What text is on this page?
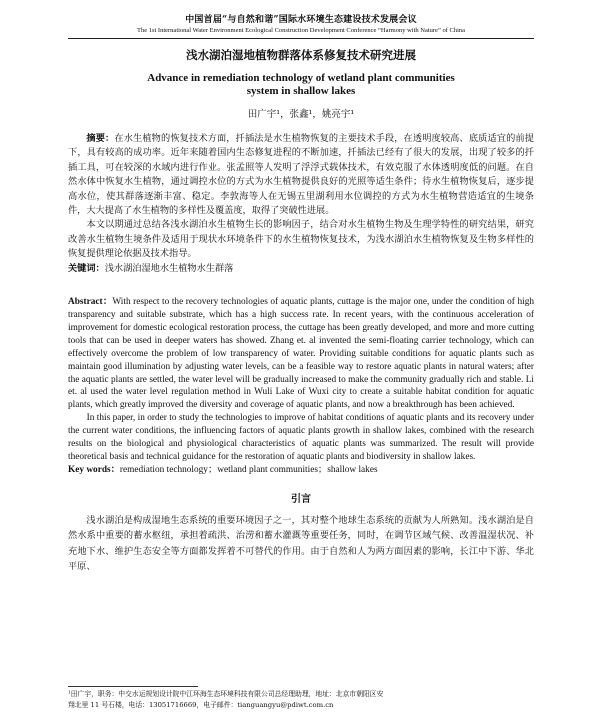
中国首届“与自然和谐”国际水环境生态建设技术发展会议
The 1st International Water Environment Ecological Construction Development Conference “Harmony with Nature” of China
浅水湖泊湿地植物群落体系修复技术研究进展
Advance in remediation technology of wetland plant communities
system in shallow lakes
田广宇¹，张鑫¹，姚亮宇¹

摘要：在水生植物的恢复技术方面，扦插法是水生植物恢复的主要技术手段，在透明度较高、底质适宜的前提下，具有较高的成功率。近年来随着国内生态修复进程的不断加速，扦插法已经有了很大的发展，出现了较多的扦插工具，可在较深的水域内进行作业。张孟照等人发明了浮浮式载体技术，有效克服了水体透明度低的问题。在自然水体中恢复水生植物，通过调控水位的方式为水生植物提供良好的光照等适生条件；待水生植物恢复后，逐步提高水位，使其群落逐渐丰富、稳定。李敦海等人在无锡五里湖利用水位调控的方式为水生植物营造适宜的生境条件，大大提高了水生植物的多样性及覆盖度，取得了突破性进展。

本文以期通过总结各浅水湖泊水生植物生长的影响因子，结合对水生植物生物及生理学特性的研究结果，研究改善水生植物生境条件及适用于现状水环境条件下的水生植物恢复技术，为浅水湖泊水生植物恢复及生物多样性的恢复提供理论依据及技术指导。

关键词：浅水湖泊湿地水生植物水生群落

Abstract：With respect to the recovery technologies of aquatic plants, cuttage is the major one, under the condition of high transparency and suitable substrate, which has a high success rate. In recent years, with the continuous acceleration of improvement for domestic ecological restoration process, the cuttage has been greatly developed, and more and more cutting tools that can be used in deeper waters has showed. Zhang et. al invented the semi-floating carrier technology, which can effectively overcome the problem of low transparency of water. Providing suitable conditions for aquatic plants such as maintain good illumination by adjusting water levels, can be a feasible way to restore aquatic plants in natural waters; after the aquatic plants are settled, the water level will be gradually increased to make the community gradually rich and stable. Li et. al used the water level regulation method in Wuli Lake of Wuxi city to create a suitable habitat condition for aquatic plants, which greatly improved the diversity and coverage of aquatic plants, and now a breakthrough has been achieved.

In this paper, in order to study the technologies to improve of habitat conditions of aquatic plants and its recovery under the current water conditions, the influencing factors of aquatic plants growth in shallow lakes, combined with the research results on the biological and physiological characteristics of aquatic plants was summarized. The result will provide theoretical basis and technical guidance for the restoration of aquatic plants and biodiversity in shallow lakes.

Key words：remediation technology；wetland plant communities；shallow lakes

引言

浅水湖泊是构成湿地生态系统的重要环境因子之一，其对整个地球生态系统的贡献为人所熟知。浅水湖泊是自然水系中重要的蓄水枢纽，承担着疏洪、治涝和蓄水灌溉等重要任务，同时，在调节区域气候、改善温湿状况、补充地下水、维护生态安全等方面都发挥着不可替代的作用。由于自然和人为两方面因素的影响，长江中下游、华北平原、

¹田广宇，职务：中交水运规划设计院中江环海生态环境科技有限公司总经理助理，地址：北京市朝阳区安
翔北里 11 号石楼，电话：13051716669，电子邮件：tianguangyu@pdiwt.com.cn
